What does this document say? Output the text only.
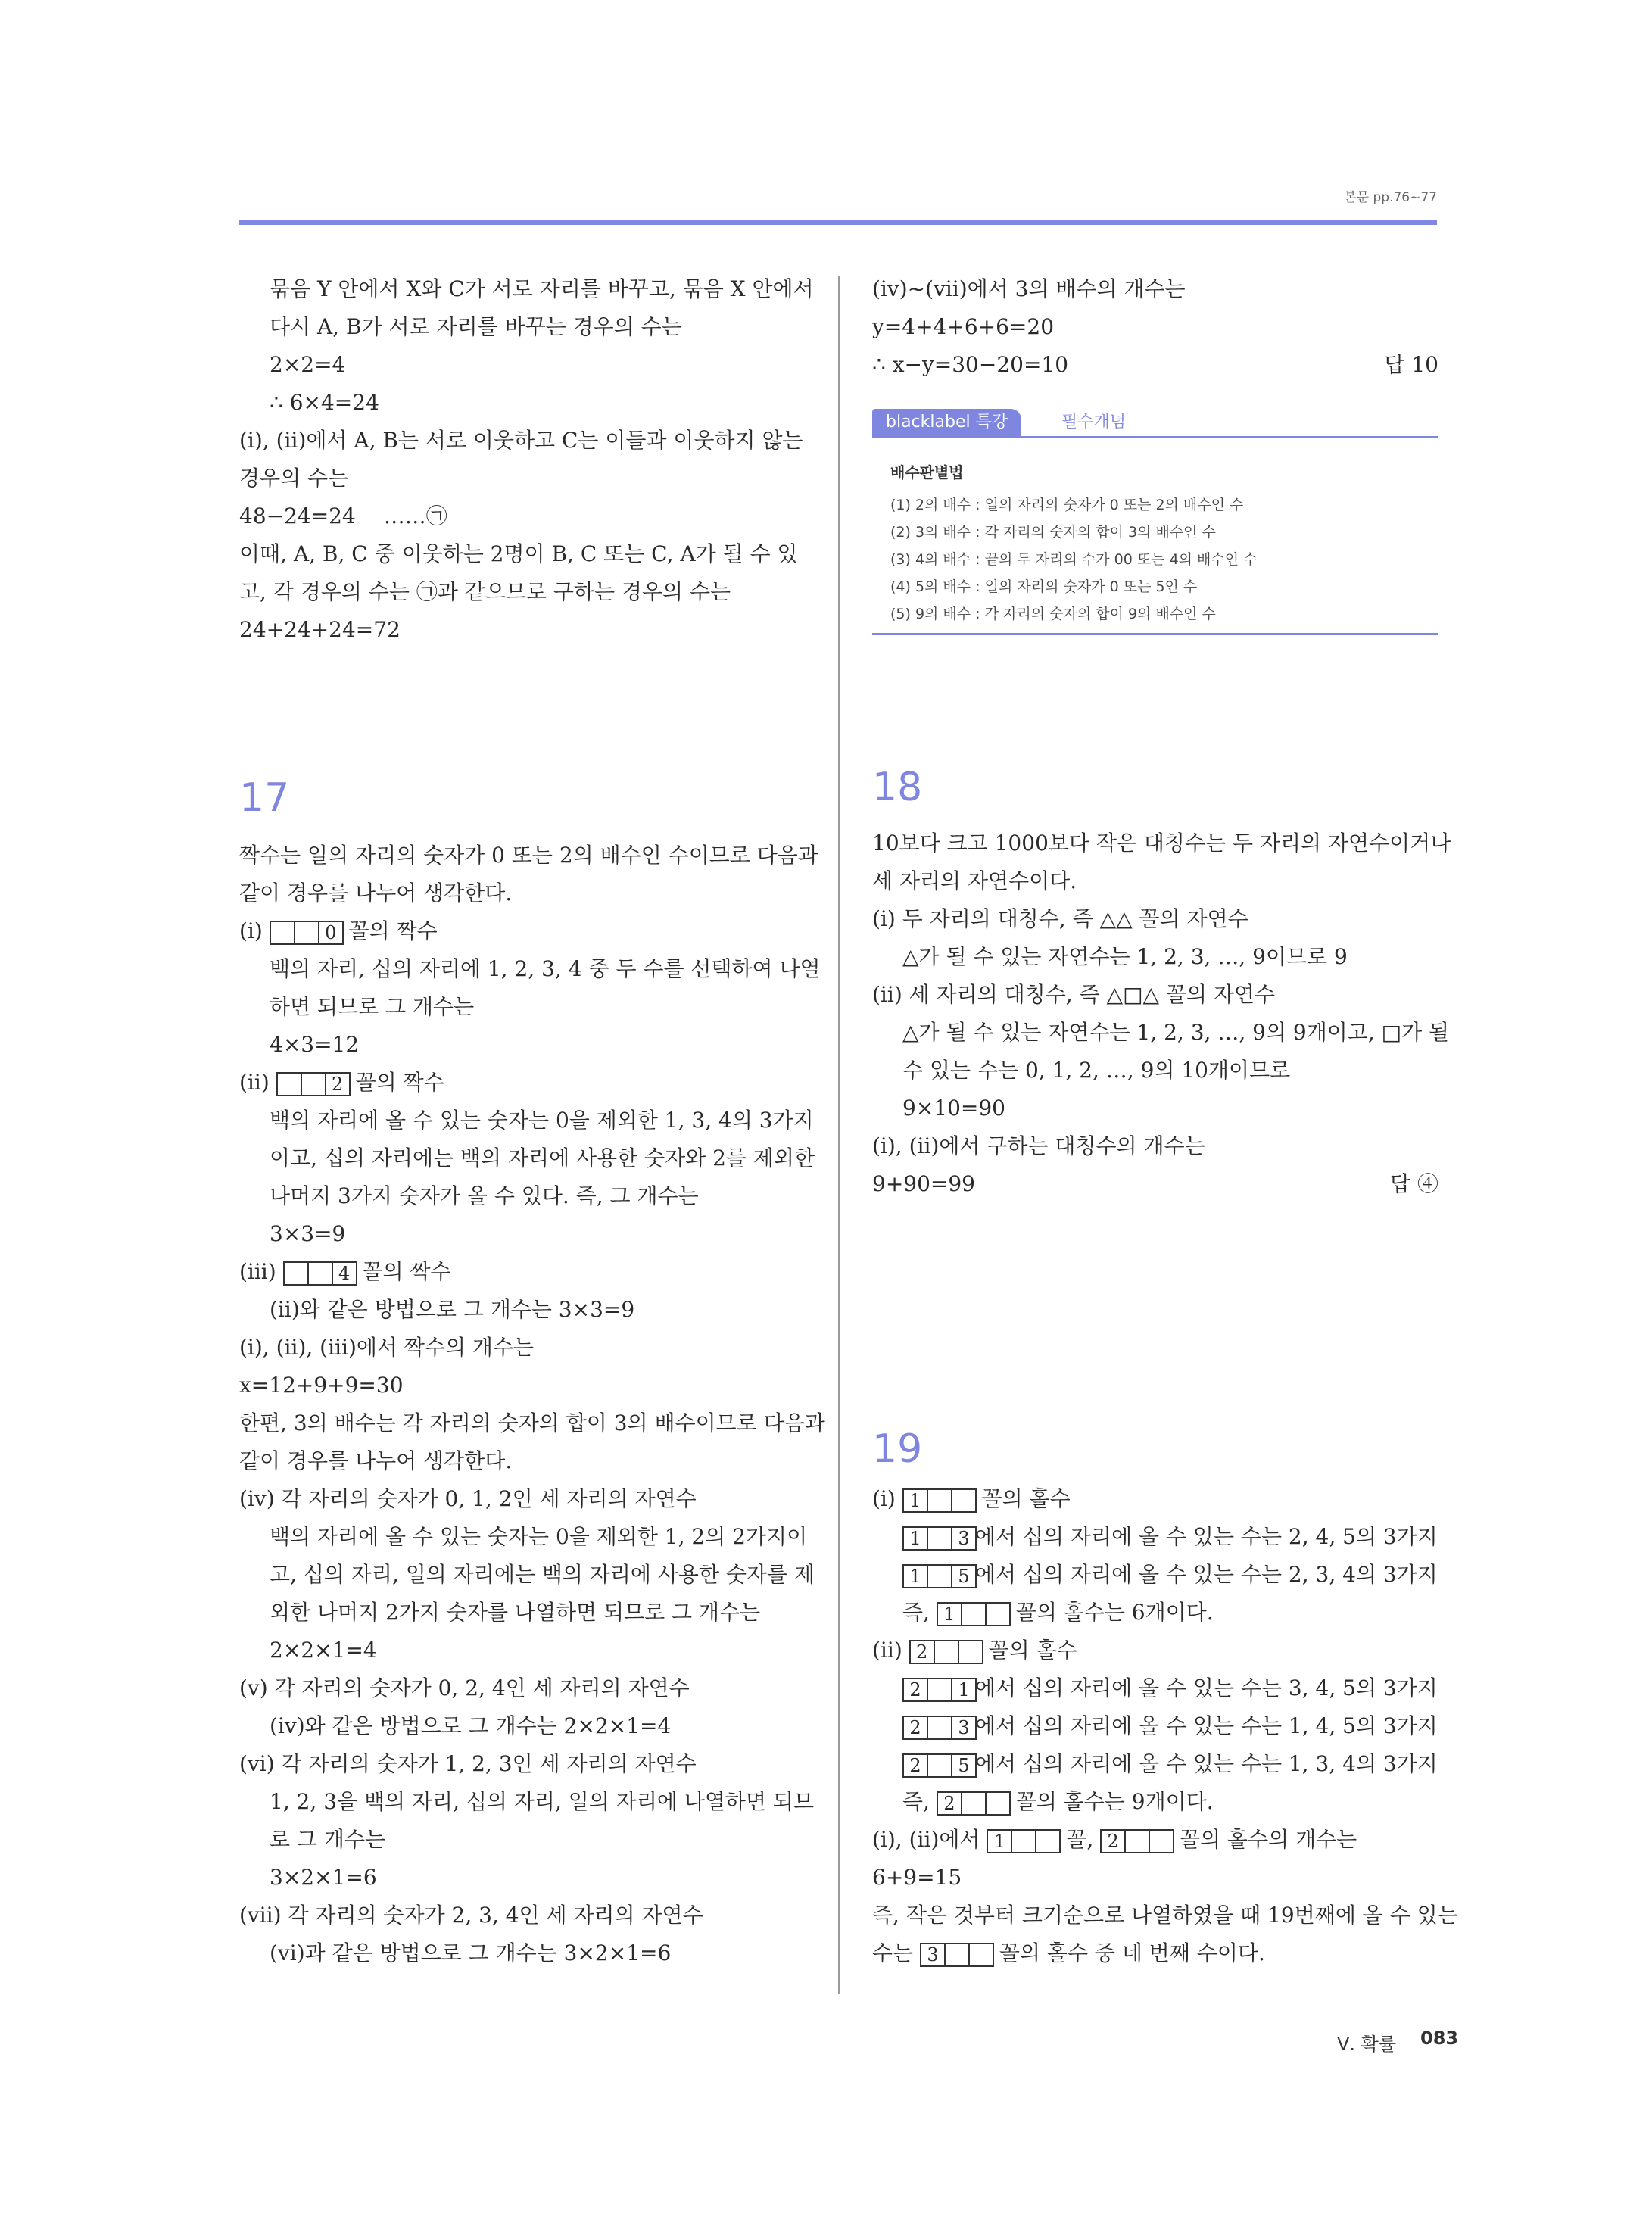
본문 pp.76~77
묶음 Y 안에서 X와 C가 서로 자리를 바꾸고, 묶음 X 안에서
다시 A, B가 서로 자리를 바꾸는 경우의 수는
2×2=4
∴ 6×4=24
(ⅰ), (ⅱ)에서 A, B는 서로 이웃하고 C는 이들과 이웃하지 않는
경우의 수는
48−24=24　 ……㉠
이때, A, B, C 중 이웃하는 2명이 B, C 또는 C, A가 될 수 있
고, 각 경우의 수는 ㉠과 같으므로 구하는 경우의 수는
24+24+24=72
17
짝수는 일의 자리의 숫자가 0 또는 2의 배수인 수이므로 다음과
같이 경우를 나누어 생각한다.
(ⅰ)	0 꼴의 짝수
백의 자리, 십의 자리에 1, 2, 3, 4 중 두 수를 선택하여 나열
하면 되므로 그 개수는
4×3=12
(ⅱ)	2 꼴의 짝수
백의 자리에 올 수 있는 숫자는 0을 제외한 1, 3, 4의 3가지
이고, 십의 자리에는 백의 자리에 사용한 숫자와 2를 제외한
나머지 3가지 숫자가 올 수 있다. 즉, 그 개수는
3×3=9
(ⅲ)	4 꼴의 짝수
(ⅱ)와 같은 방법으로 그 개수는 3×3=9
(ⅰ), (ⅱ), (ⅲ)에서 짝수의 개수는
x=12+9+9=30
한편, 3의 배수는 각 자리의 숫자의 합이 3의 배수이므로 다음과
같이 경우를 나누어 생각한다.
(ⅳ) 각 자리의 숫자가 0, 1, 2인 세 자리의 자연수
백의 자리에 올 수 있는 숫자는 0을 제외한 1, 2의 2가지이
고, 십의 자리, 일의 자리에는 백의 자리에 사용한 숫자를 제
외한 나머지 2가지 숫자를 나열하면 되므로 그 개수는
2×2×1=4
(ⅴ) 각 자리의 숫자가 0, 2, 4인 세 자리의 자연수
(ⅳ)와 같은 방법으로 그 개수는 2×2×1=4
(ⅵ) 각 자리의 숫자가 1, 2, 3인 세 자리의 자연수
1, 2, 3을 백의 자리, 십의 자리, 일의 자리에 나열하면 되므
로 그 개수는
3×2×1=6
(ⅶ) 각 자리의 숫자가 2, 3, 4인 세 자리의 자연수
(ⅵ)과 같은 방법으로 그 개수는 3×2×1=6
(ⅳ)~(ⅶ)에서 3의 배수의 개수는
y=4+4+6+6=20
∴ x−y=30−20=10	답 10
blacklabel 특강	필수개념
배수판별법
(1) 2의 배수 : 일의 자리의 숫자가 0 또는 2의 배수인 수
(2) 3의 배수 : 각 자리의 숫자의 합이 3의 배수인 수
(3) 4의 배수 : 끝의 두 자리의 수가 00 또는 4의 배수인 수
(4) 5의 배수 : 일의 자리의 숫자가 0 또는 5인 수
(5) 9의 배수 : 각 자리의 숫자의 합이 9의 배수인 수
18
10보다 크고 1000보다 작은 대칭수는 두 자리의 자연수이거나
세 자리의 자연수이다.
(ⅰ) 두 자리의 대칭수, 즉 △△ 꼴의 자연수
△가 될 수 있는 자연수는 1, 2, 3, …, 9이므로 9
(ⅱ) 세 자리의 대칭수, 즉 △□△ 꼴의 자연수
△가 될 수 있는 자연수는 1, 2, 3, …, 9의 9개이고, □가 될
수 있는 수는 0, 1, 2, …, 9의 10개이므로
9×10=90
(ⅰ), (ⅱ)에서 구하는 대칭수의 개수는
9+90=99	답 ④
19
(ⅰ) 1	꼴의 홀수
1 3 에서 십의 자리에 올 수 있는 수는 2, 4, 5의 3가지
1 5 에서 십의 자리에 올 수 있는 수는 2, 3, 4의 3가지
즉, 1	꼴의 홀수는 6개이다.
(ⅱ) 2	꼴의 홀수
2 1 에서 십의 자리에 올 수 있는 수는 3, 4, 5의 3가지
2 3 에서 십의 자리에 올 수 있는 수는 1, 4, 5의 3가지
2 5 에서 십의 자리에 올 수 있는 수는 1, 3, 4의 3가지
즉, 2	꼴의 홀수는 9개이다.
(ⅰ), (ⅱ)에서 1	꼴, 2	꼴의 홀수의 개수는
6+9=15
즉, 작은 것부터 크기순으로 나열하였을 때 19번째에 올 수 있는
수는 3	꼴의 홀수 중 네 번째 수이다.
Ⅴ. 확률 083
